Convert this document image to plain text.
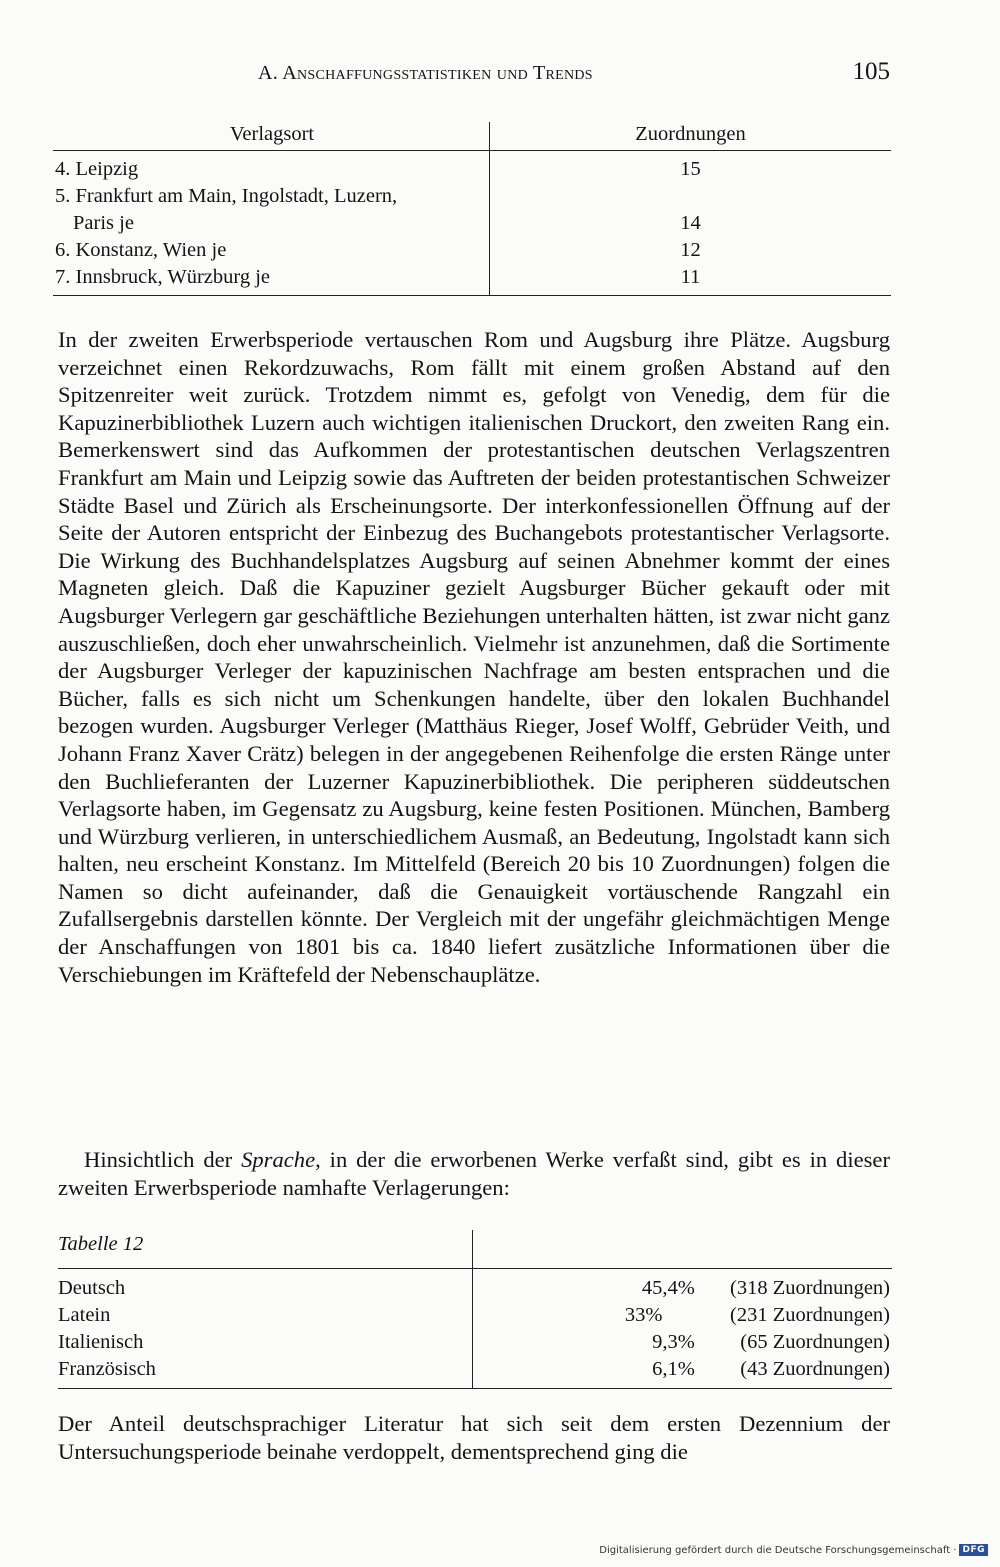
A. Anschaffungsstatistiken und Trends	105
Verlagsort	Zuordnungen
4. Leipzig	15
5. Frankfurt am Main, Ingolstadt, Luzern,	
Paris je	14
6. Konstanz, Wien je	12
7. Innsbruck, Würzburg je	11

In der zweiten Erwerbsperiode vertauschen Rom und Augsburg ihre Plätze. Augsburg verzeichnet einen Rekordzuwachs, Rom fällt mit einem großen Abstand auf den Spitzenreiter weit zurück. Trotzdem nimmt es, gefolgt von Venedig, dem für die Kapuzinerbibliothek Luzern auch wichtigen italienischen Druckort, den zweiten Rang ein. Bemerkenswert sind das Aufkommen der protestantischen deutschen Verlagszentren Frankfurt am Main und Leipzig sowie das Auftreten der beiden protestantischen Schweizer Städte Basel und Zürich als Erscheinungsorte. Der interkonfessionellen Öffnung auf der Seite der Autoren entspricht der Einbezug des Buchangebots protestantischer Verlagsorte. Die Wirkung des Buchhandelsplatzes Augsburg auf seinen Abnehmer kommt der eines Magneten gleich. Daß die Kapuziner gezielt Augsburger Bücher gekauft oder mit Augsburger Verlegern gar geschäftliche Beziehungen unterhalten hätten, ist zwar nicht ganz auszuschließen, doch eher unwahrscheinlich. Vielmehr ist anzunehmen, daß die Sortimente der Augsburger Verleger der kapuzinischen Nachfrage am besten entsprachen und die Bücher, falls es sich nicht um Schenkungen handelte, über den lokalen Buchhandel bezogen wurden. Augsburger Verleger (Matthäus Rieger, Josef Wolff, Gebrüder Veith, und Johann Franz Xaver Crätz) belegen in der angegebenen Reihenfolge die ersten Ränge unter den Buchlieferanten der Luzerner Kapuzinerbibliothek. Die peripheren süddeutschen Verlagsorte haben, im Gegensatz zu Augsburg, keine festen Positionen. München, Bamberg und Würzburg verlieren, in unterschiedlichem Ausmaß, an Bedeutung, Ingolstadt kann sich halten, neu erscheint Konstanz. Im Mittelfeld (Bereich 20 bis 10 Zuordnungen) folgen die Namen so dicht aufeinander, daß die Genauigkeit vortäuschende Rangzahl ein Zufallsergebnis darstellen könnte. Der Vergleich mit der ungefähr gleichmächtigen Menge der Anschaffungen von 1801 bis ca. 1840 liefert zusätzliche Informationen über die Verschiebungen im Kräftefeld der Nebenschauplätze.

Hinsichtlich der Sprache, in der die erworbenen Werke verfaßt sind, gibt es in dieser zweiten Erwerbsperiode namhafte Verlagerungen:

Tabelle 12	
Deutsch	45,4% (318 Zuordnungen)
Latein	33% (231 Zuordnungen)
Italienisch	9,3% (65 Zuordnungen)
Französisch	6,1% (43 Zuordnungen)

Der Anteil deutschsprachiger Literatur hat sich seit dem ersten Dezennium der Untersuchungsperiode beinahe verdoppelt, dementsprechend ging die

Digitalisierung gefördert durch die Deutsche Forschungsgemeinschaft · DFG
